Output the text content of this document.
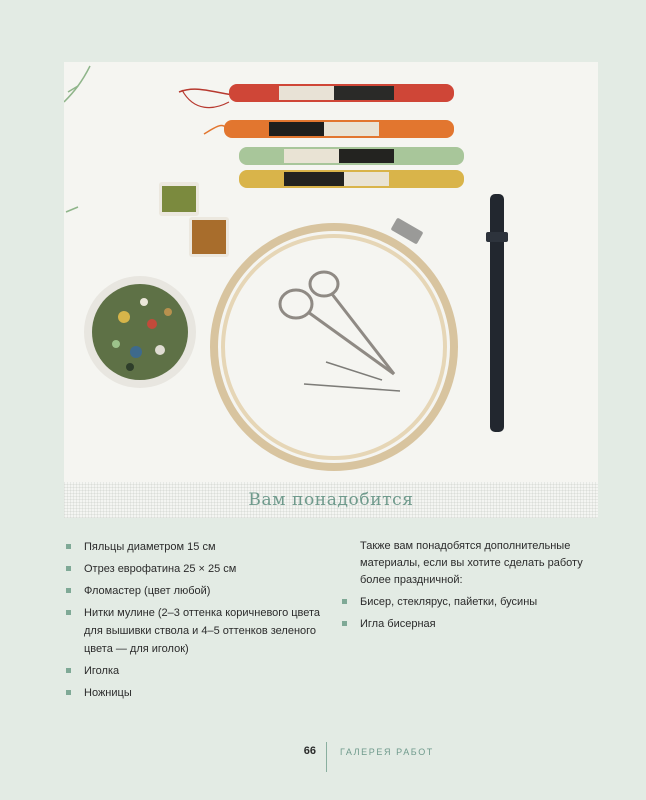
Вам понадобится
Пяльцы диаметром 15 см
Отрез еврофатина 25 × 25 см
Фломастер (цвет любой)
Нитки мулине (2–3 оттенка коричневого цвета для вышивки ствола и 4–5 оттенков зеленого цвета — для иголок)
Иголка
Ножницы

Также вам понадобятся дополнительные материалы, если вы хотите сделать работу более праздничной:

Бисер, стеклярус, пайетки, бусины
Игла бисерная
66	ГАЛЕРЕЯ РАБОТ
